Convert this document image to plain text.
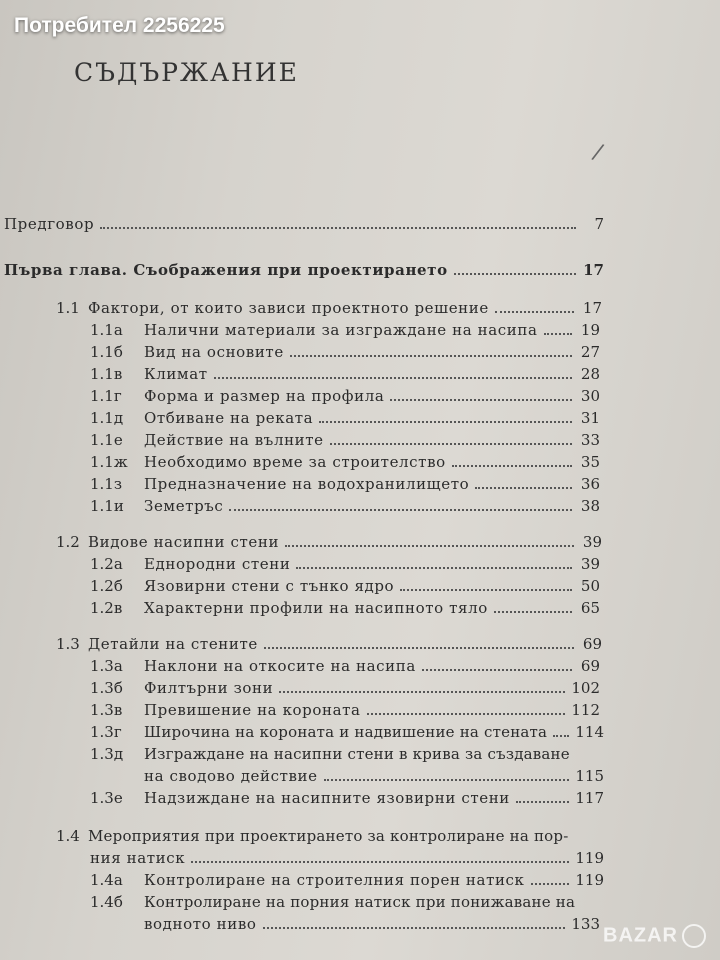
Потребител 2256225
СЪДЪРЖАНИЕ
/
Предговор	7
Първа глава. Съображения при проектирането	17
1.1 Фактори, от които зависи проектното решение	17
1.1а	Налични материали за изграждане на насипа	19
1.1б	Вид на основите	27
1.1в	Климат	28
1.1г	Форма и размер на профила	30
1.1д	Отбиване на реката	31
1.1е	Действие на вълните	33
1.1ж	Необходимо време за строителство	35
1.1з	Предназначение на водохранилището	36
1.1и	Земетръс	38
1.2 Видове насипни стени	39
1.2а	Еднородни стени	39
1.2б	Язовирни стени с тънко ядро	50
1.2в	Характерни профили на насипното тяло	65
1.3 Детайли на стените	69
1.3а	Наклони на откосите на насипа	69
1.3б	Филтърни зони	102
1.3в	Превишение на короната	112
1.3г	Широчина на короната и надвишение на стената 114
1.3д	Изграждане на насипни стени в крива за създаване
на сводово действие	115
1.3е	Надзиждане на насипните язовирни стени	117
1.4 Мероприятия при проектирането за контролиране на пор-
ния натиск	119
1.4а	Контролиране на строителния порен натиск	119
1.4б	Контролиране на порния натиск при понижаване на
водното ниво	133
BAZAR
